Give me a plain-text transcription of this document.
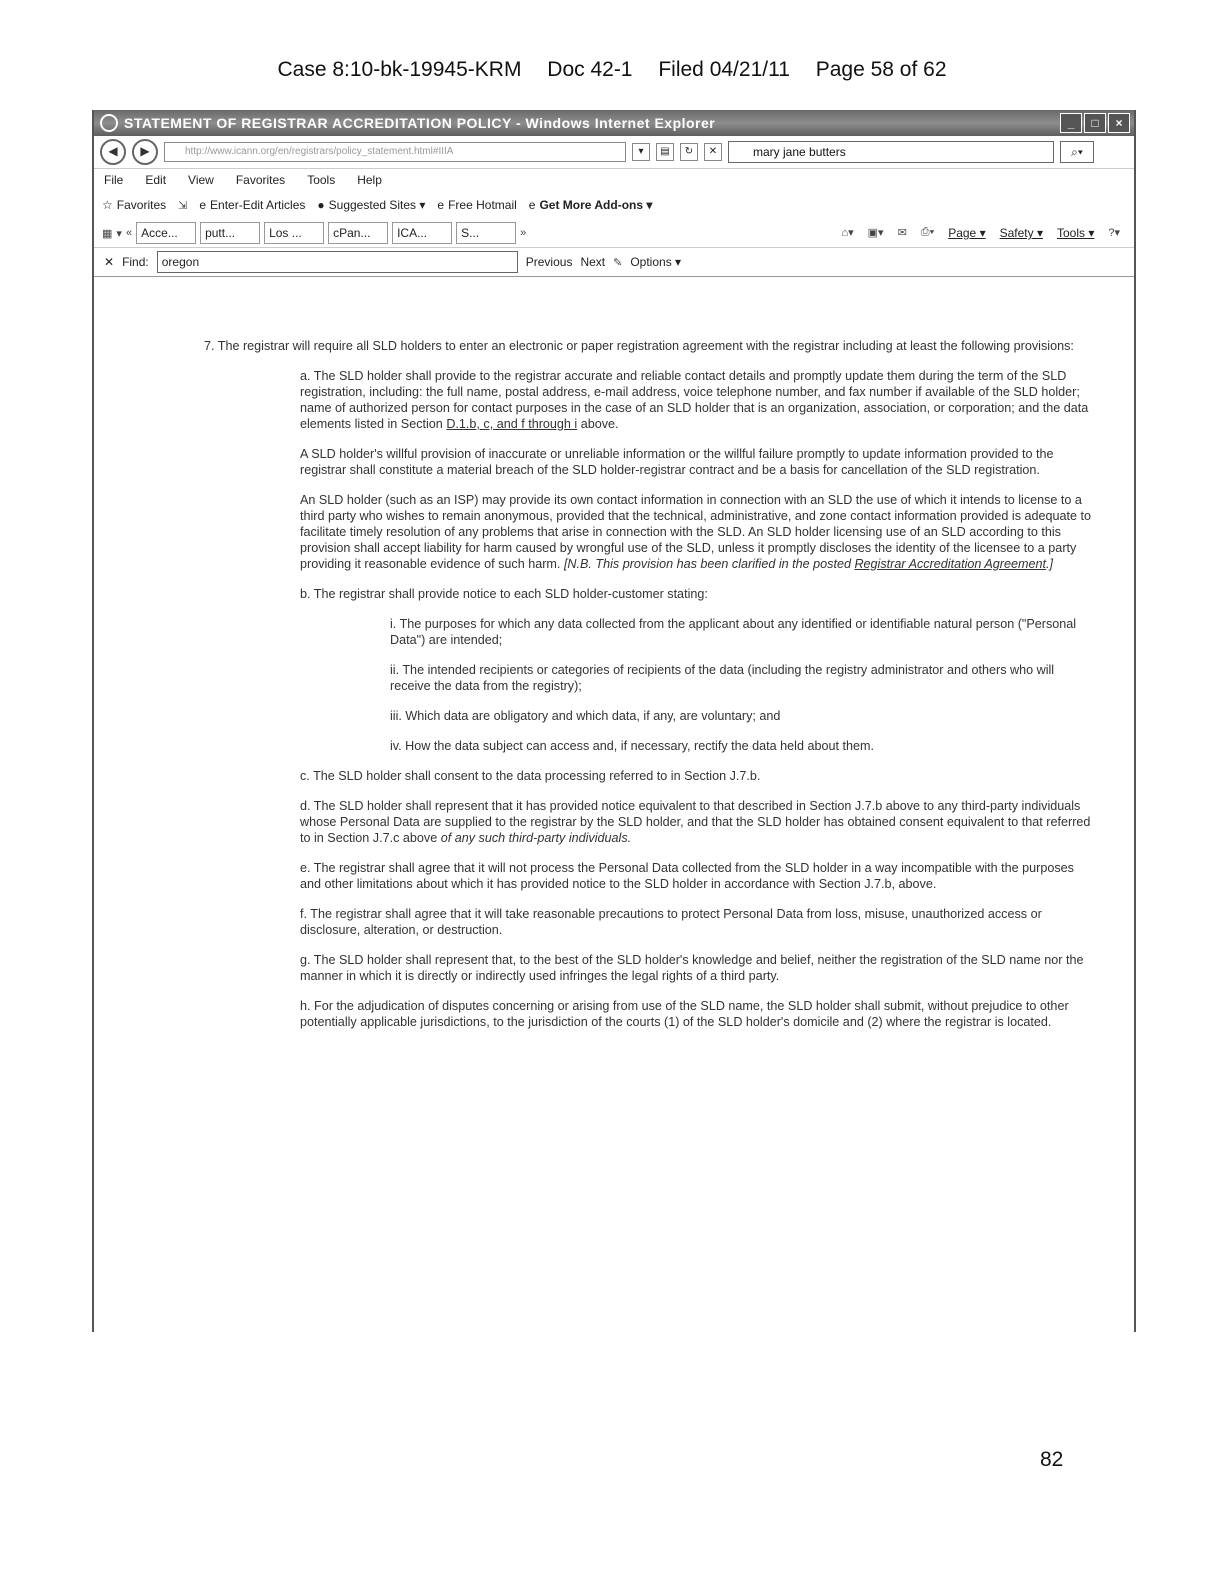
Case 8:10-bk-19945-KRM Doc 42-1 Filed 04/21/11 Page 58 of 62
STATEMENT OF REGISTRAR ACCREDITATION POLICY - Windows Internet Explorer	_	□	×
◀	▶	http://www.icann.org/en/registrars/policy_statement.html#IIIA	▾	▤	↻	✕	mary jane butters	⌕▾
File Edit View Favorites Tools Help
☆ Favorites ⇲ e Enter-Edit Articles ● Suggested Sites ▾ e Free Hotmail e Get More Add-ons ▾
▦ ▾ « Acce...	putt...	Los ...	cPan...	ICA...	S...	»	⌂▾ ▣▾ ✉ ⎙▾ Page ▾ Safety ▾ Tools ▾ ?▾
✕ Find:	oregon	Previous Next ✎ Options ▾

7. The registrar will require all SLD holders to enter an electronic or paper registration agreement with the registrar including at least the following provisions:

a. The SLD holder shall provide to the registrar accurate and reliable contact details and promptly update them during the term of the SLD registration, including: the full name, postal address, e-mail address, voice telephone number, and fax number if available of the SLD holder; name of authorized person for contact purposes in the case of an SLD holder that is an organization, association, or corporation; and the data elements listed in Section D.1.b, c, and f through i above.

A SLD holder's willful provision of inaccurate or unreliable information or the willful failure promptly to update information provided to the registrar shall constitute a material breach of the SLD holder-registrar contract and be a basis for cancellation of the SLD registration.

An SLD holder (such as an ISP) may provide its own contact information in connection with an SLD the use of which it intends to license to a third party who wishes to remain anonymous, provided that the technical, administrative, and zone contact information provided is adequate to facilitate timely resolution of any problems that arise in connection with the SLD. An SLD holder licensing use of an SLD according to this provision shall accept liability for harm caused by wrongful use of the SLD, unless it promptly discloses the identity of the licensee to a party providing it reasonable evidence of such harm. [N.B. This provision has been clarified in the posted Registrar Accreditation Agreement.]

b. The registrar shall provide notice to each SLD holder-customer stating:

i. The purposes for which any data collected from the applicant about any identified or identifiable natural person ("Personal Data") are intended;

ii. The intended recipients or categories of recipients of the data (including the registry administrator and others who will receive the data from the registry);

iii. Which data are obligatory and which data, if any, are voluntary; and

iv. How the data subject can access and, if necessary, rectify the data held about them.

c. The SLD holder shall consent to the data processing referred to in Section J.7.b.

d. The SLD holder shall represent that it has provided notice equivalent to that described in Section J.7.b above to any third-party individuals whose Personal Data are supplied to the registrar by the SLD holder, and that the SLD holder has obtained consent equivalent to that referred to in Section J.7.c above of any such third-party individuals.

e. The registrar shall agree that it will not process the Personal Data collected from the SLD holder in a way incompatible with the purposes and other limitations about which it has provided notice to the SLD holder in accordance with Section J.7.b, above.

f. The registrar shall agree that it will take reasonable precautions to protect Personal Data from loss, misuse, unauthorized access or disclosure, alteration, or destruction.

g. The SLD holder shall represent that, to the best of the SLD holder's knowledge and belief, neither the registration of the SLD name nor the manner in which it is directly or indirectly used infringes the legal rights of a third party.

h. For the adjudication of disputes concerning or arising from use of the SLD name, the SLD holder shall submit, without prejudice to other potentially applicable jurisdictions, to the jurisdiction of the courts (1) of the SLD holder's domicile and (2) where the registrar is located.

82
